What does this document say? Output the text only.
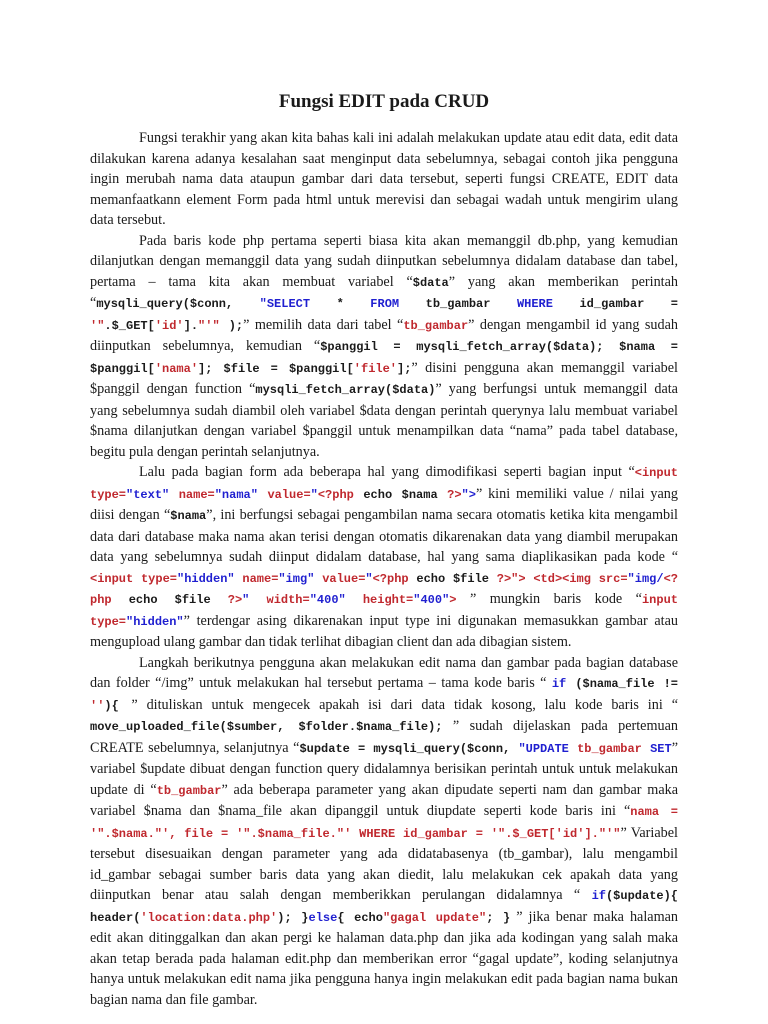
Fungsi EDIT pada CRUD

Fungsi terakhir yang akan kita bahas kali ini adalah melakukan update atau edit data, edit data dilakukan karena adanya kesalahan saat menginput data sebelumnya, sebagai contoh jika pengguna ingin merubah nama data ataupun gambar dari data tersebut, seperti fungsi CREATE, EDIT data memanfaatkann element Form pada html untuk merevisi dan sebagai wadah untuk mengirim ulang data tersebut.

Pada baris kode php pertama seperti biasa kita akan memanggil db.php, yang kemudian dilanjutkan dengan memanggil data yang sudah diinputkan sebelumnya didalam database dan tabel, pertama – tama kita akan membuat variabel “$data” yang akan memberikan perintah “mysqli_query($conn, "SELECT * FROM tb_gambar WHERE id_gambar = '".$_GET['id']."'" );” memilih data dari tabel “tb_gambar” dengan mengambil id yang sudah diinputkan sebelumnya, kemudian “$panggil = mysqli_fetch_array($data); $nama = $panggil['nama']; $file = $panggil['file'];” disini pengguna akan memanggil variabel $panggil dengan function “mysqli_fetch_array($data)” yang berfungsi untuk memanggil data yang sebelumnya sudah diambil oleh variabel $data dengan perintah querynya lalu membuat variabel $nama dilanjutkan dengan variabel $panggil untuk menampilkan data “nama” pada tabel database, begitu pula dengan perintah selanjutnya.

Lalu pada bagian form ada beberapa hal yang dimodifikasi seperti bagian input “<input type="text" name="nama" value="<?php echo $nama ?>">” kini memiliki value / nilai yang diisi dengan “$nama”, ini berfungsi sebagai pengambilan nama secara otomatis ketika kita mengambil data dari database maka nama akan terisi dengan otomatis dikarenakan data yang diambil merupakan data yang sebelumnya sudah diinput didalam database, hal yang sama diaplikasikan pada kode “ <input type="hidden" name="img" value="<?php echo $file ?>"> <td><img src="img/<?php echo $file ?>" width="400" height="400"> ” mungkin baris kode “input type="hidden"” terdengar asing dikarenakan input type ini digunakan memasukkan gambar atau mengupload ulang gambar dan tidak terlihat dibagian client dan ada dibagian sistem.

Langkah berikutnya pengguna akan melakukan edit nama dan gambar pada bagian database dan folder “/img” untuk melakukan hal tersebut pertama – tama kode baris “ if ($nama_file != ''){ ” dituliskan untuk mengecek apakah isi dari data tidak kosong, lalu kode baris ini “ move_uploaded_file($sumber, $folder.$nama_file); ” sudah dijelaskan pada pertemuan CREATE sebelumnya, selanjutnya “$update = mysqli_query($conn, "UPDATE tb_gambar SET” variabel $update dibuat dengan function query didalamnya berisikan perintah untuk untuk melakukan update di “tb_gambar” ada beberapa parameter yang akan dipudate seperti nam dan gambar maka variabel $nama dan $nama_file akan dipanggil untuk diupdate seperti kode baris ini “nama = '".$nama."', file = '".$nama_file."' WHERE id_gambar = '".$_GET['id']."'"” Variabel tersebut disesuaikan dengan parameter yang ada didatabasenya (tb_gambar), lalu mengambil id_gambar sebagai sumber baris data yang akan diedit, lalu melakukan cek apakah data yang diinputkan benar atau salah dengan memberikkan perulangan didalamnya “ if($update){ header('location:data.php'); }else{ echo"gagal update"; } ” jika benar maka halaman edit akan ditinggalkan dan akan pergi ke halaman data.php dan jika ada kodingan yang salah maka akan tetap berada pada halaman edit.php dan memberikan error “gagal update”, koding selanjutnya hanya untuk melakukan edit nama jika pengguna hanya ingin melakukan edit pada bagian nama bukan bagian nama dan file gambar.
